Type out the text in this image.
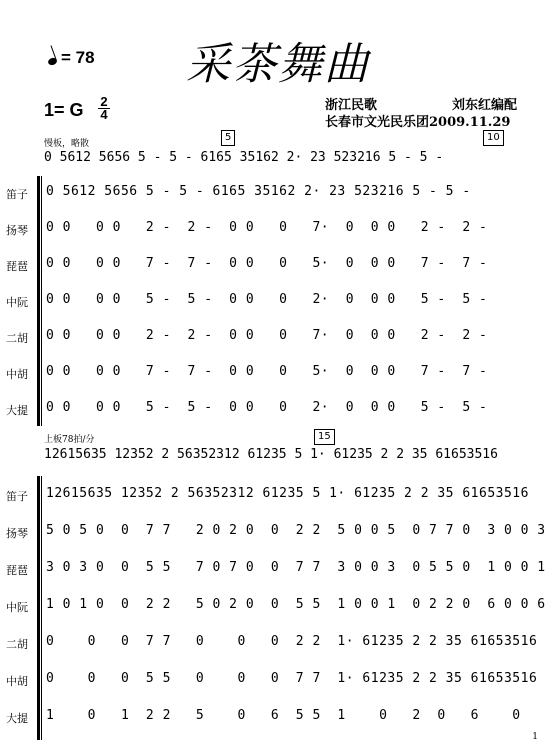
= 78 采茶舞曲
1= G 2
4
浙江民歌	刘东红编配
长春市文光民乐团2009.11.29
慢板，略散
5	10
0 5612 5656 5 - 5 - 6165 35162 2· 23 523216 5 - 5 -
笛子 0 5612 5656 5 - 5 - 6165 35162 2· 23 523216 5 - 5 -
扬琴 0 0   0 0   2 -  2 -  0 0   0   7·  0  0 0   2 -  2 -
琵琶 0 0   0 0   7 -  7 -  0 0   0   5·  0  0 0   7 -  7 -
中阮 0 0   0 0   5 -  5 -  0 0   0   2·  0  0 0   5 -  5 -
二胡 0 0   0 0   2 -  2 -  0 0   0   7·  0  0 0   2 -  2 -
中胡 0 0   0 0   7 -  7 -  0 0   0   5·  0  0 0   7 -  7 -
大提 0 0   0 0   5 -  5 -  0 0   0   2·  0  0 0   5 -  5 -
上板78拍/分	15
12615635 12352 2 56352312 61235 5 1· 61235 2 2 35 61653516
笛子 12615635 12352 2 56352312 61235 5 1· 61235 2 2 35 61653516
扬琴 5 0 5 0  0  7 7   2 0 2 0  0  2 2  5 0 0 5  0 7 7 0  3 0 0 3
琵琶 3 0 3 0  0  5 5   7 0 7 0  0  7 7  3 0 0 3  0 5 5 0  1 0 0 1
中阮 1 0 1 0  0  2 2   5 0 2 0  0  5 5  1 0 0 1  0 2 2 0  6 0 0 6
二胡 0    0   0  7 7   0    0   0  2 2  1· 61235 2 2 35 61653516
中胡 0    0   0  5 5   0    0   0  7 7  1· 61235 2 2 35 61653516
大提 1    0   1  2 2   5    0   6  5 5  1    0   2  0   6    0
1
